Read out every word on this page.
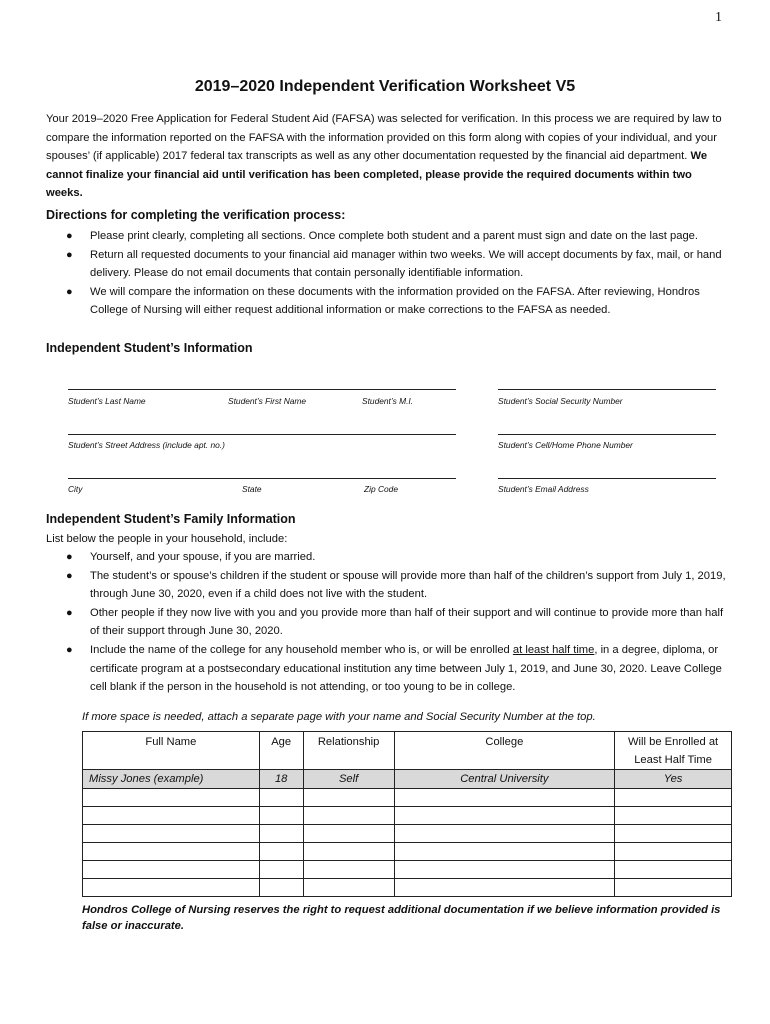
1
2019–2020 Independent Verification Worksheet V5
Your 2019–2020 Free Application for Federal Student Aid (FAFSA) was selected for verification. In this process we are required by law to compare the information reported on the FAFSA with the information provided on this form along with copies of your individual, and your spouses’ (if applicable) 2017 federal tax transcripts as well as any other documentation requested by the financial aid department. We cannot finalize your financial aid until verification has been completed, please provide the required documents within two weeks.
Directions for completing the verification process:
● Please print clearly, completing all sections. Once complete both student and a parent must sign and date on the last page.
● Return all requested documents to your financial aid manager within two weeks. We will accept documents by fax, mail, or hand delivery. Please do not email documents that contain personally identifiable information.
● We will compare the information on these documents with the information provided on the FAFSA. After reviewing, Hondros College of Nursing will either request additional information or make corrections to the FAFSA as needed.
Independent Student’s Information
Student’s Last Name	Student’s First Name	Student’s M.I.	Student’s Social Security Number
Student’s Street Address (include apt. no.)	Student’s Cell/Home Phone Number
City	State	Zip Code	Student’s Email Address
Independent Student’s Family Information
List below the people in your household, include:
● Yourself, and your spouse, if you are married.
● The student’s or spouse’s children if the student or spouse will provide more than half of the children’s support from July 1, 2019, through June 30, 2020, even if a child does not live with the student.
● Other people if they now live with you and you provide more than half of their support and will continue to provide more than half of their support through June 30, 2020.
● Include the name of the college for any household member who is, or will be enrolled at least half time, in a degree, diploma, or certificate program at a postsecondary educational institution any time between July 1, 2019, and June 30, 2020. Leave College cell blank if the person in the household is not attending, or too young to be in college.
If more space is needed, attach a separate page with your name and Social Security Number at the top.
Full Name	Age	Relationship	College	Will be Enrolled at Least Half Time
Missy Jones (example)	18	Self	Central University	Yes

Hondros College of Nursing reserves the right to request additional documentation if we believe information provided is false or inaccurate.
